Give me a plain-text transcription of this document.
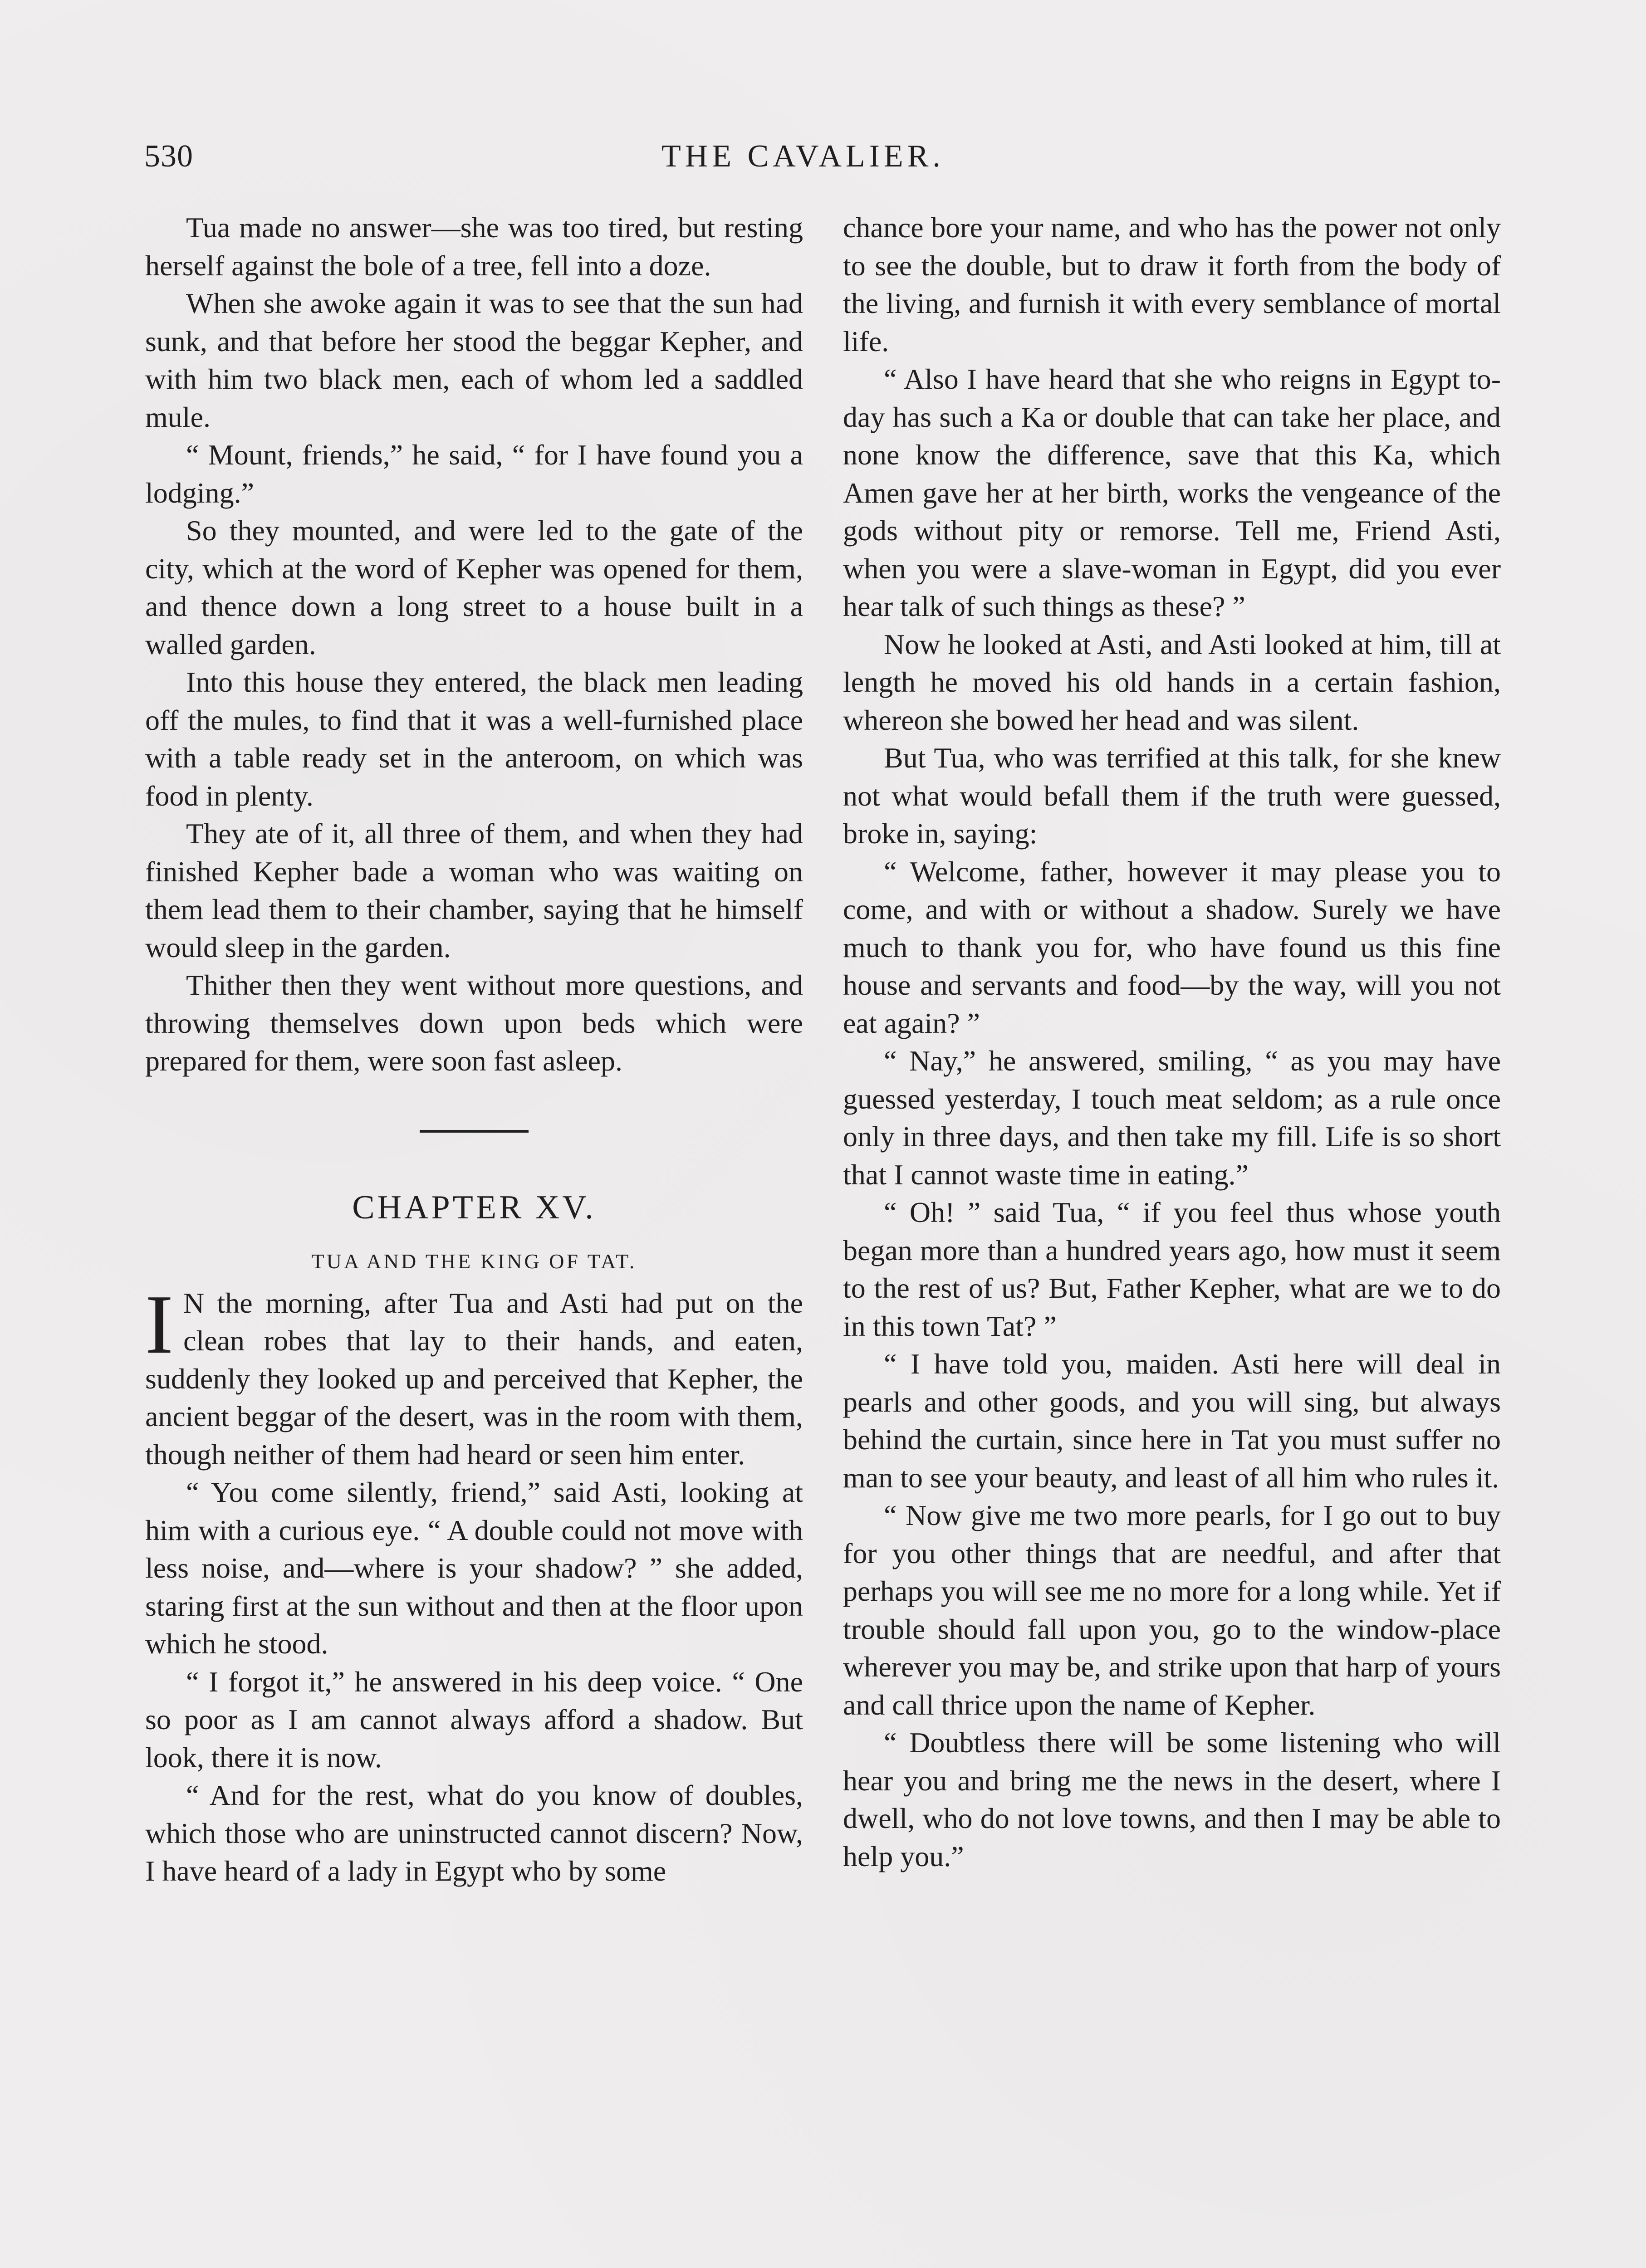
530	THE CAVALIER.

Tua made no answer—she was too tired, but resting herself against the bole of a tree, fell into a doze.

When she awoke again it was to see that the sun had sunk, and that before her stood the beggar Kepher, and with him two black men, each of whom led a saddled mule.

“ Mount, friends,” he said, “ for I have found you a lodging.”

So they mounted, and were led to the gate of the city, which at the word of Kepher was opened for them, and thence down a long street to a house built in a walled garden.

Into this house they entered, the black men leading off the mules, to find that it was a well-furnished place with a table ready set in the anteroom, on which was food in plenty.

They ate of it, all three of them, and when they had finished Kepher bade a woman who was waiting on them lead them to their chamber, saying that he himself would sleep in the garden.

Thither then they went without more questions, and throwing themselves down upon beds which were prepared for them, were soon fast asleep.

CHAPTER XV.
TUA AND THE KING OF TAT.

I N the morning, after Tua and Asti had put on the clean robes that lay to their hands, and eaten, suddenly they looked up and perceived that Kepher, the ancient beggar of the desert, was in the room with them, though neither of them had heard or seen him enter.

“ You come silently, friend,” said Asti, looking at him with a curious eye. “ A double could not move with less noise, and—where is your shadow? ” she added, staring first at the sun without and then at the floor upon which he stood.

“ I forgot it,” he answered in his deep voice. “ One so poor as I am cannot always afford a shadow. But look, there it is now.

“ And for the rest, what do you know of doubles, which those who are uninstructed cannot discern? Now, I have heard of a lady in Egypt who by some

chance bore your name, and who has the power not only to see the double, but to draw it forth from the body of the living, and furnish it with every semblance of mortal life.

“ Also I have heard that she who reigns in Egypt to-day has such a Ka or double that can take her place, and none know the difference, save that this Ka, which Amen gave her at her birth, works the vengeance of the gods without pity or remorse. Tell me, Friend Asti, when you were a slave-woman in Egypt, did you ever hear talk of such things as these? ”

Now he looked at Asti, and Asti looked at him, till at length he moved his old hands in a certain fashion, whereon she bowed her head and was silent.

But Tua, who was terrified at this talk, for she knew not what would befall them if the truth were guessed, broke in, saying:

“ Welcome, father, however it may please you to come, and with or without a shadow. Surely we have much to thank you for, who have found us this fine house and servants and food—by the way, will you not eat again? ”

“ Nay,” he answered, smiling, “ as you may have guessed yesterday, I touch meat seldom; as a rule once only in three days, and then take my fill. Life is so short that I cannot waste time in eating.”

“ Oh! ” said Tua, “ if you feel thus whose youth began more than a hundred years ago, how must it seem to the rest of us? But, Father Kepher, what are we to do in this town Tat? ”

“ I have told you, maiden. Asti here will deal in pearls and other goods, and you will sing, but always behind the curtain, since here in Tat you must suffer no man to see your beauty, and least of all him who rules it.

“ Now give me two more pearls, for I go out to buy for you other things that are needful, and after that perhaps you will see me no more for a long while. Yet if trouble should fall upon you, go to the window-place wherever you may be, and strike upon that harp of yours and call thrice upon the name of Kepher.

“ Doubtless there will be some listening who will hear you and bring me the news in the desert, where I dwell, who do not love towns, and then I may be able to help you.”
